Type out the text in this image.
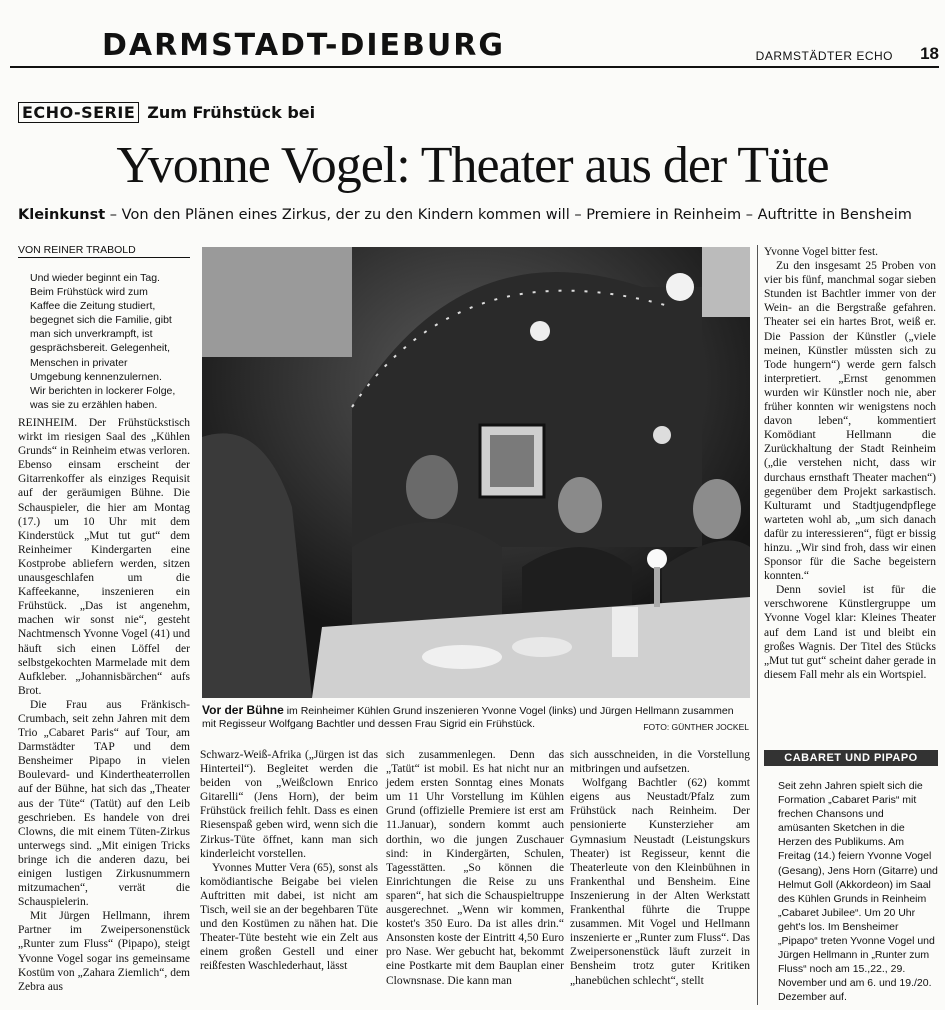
DARMSTADT-DIEBURG	DARMSTÄDTER ECHO 18
ECHO-SERIE Zum Frühstück bei
Yvonne Vogel: Theater aus der Tüte
Kleinkunst – Von den Plänen eines Zirkus, der zu den Kindern kommen will – Premiere in Reinheim – Auftritte in Bensheim
VON REINER TRABOLD
Und wieder beginnt ein Tag. Beim Frühstück wird zum Kaffee die Zeitung studiert, begegnet sich die Familie, gibt man sich unverkrampft, ist gesprächsbereit. Gelegenheit, Menschen in privater Umgebung kennenzulernen. Wir berichten in lockerer Folge, was sie zu erzählen haben.

REINHEIM. Der Frühstückstisch wirkt im riesigen Saal des „Kühlen Grunds“ in Reinheim etwas verloren. Ebenso einsam erscheint der Gitarrenkoffer als einziges Requisit auf der geräumigen Bühne. Die Schauspieler, die hier am Montag (17.) um 10 Uhr mit dem Kinderstück „Mut tut gut“ dem Reinheimer Kindergarten eine Kostprobe abliefern werden, sitzen unausgeschlafen um die Kaffeekanne, inszenieren ein Frühstück. „Das ist angenehm, machen wir sonst nie“, gesteht Nachtmensch Yvonne Vogel (41) und häuft sich einen Löffel der selbstgekochten Marmelade mit dem Aufkleber. „Johannisbärchen“ aufs Brot.

Die Frau aus Fränkisch-Crumbach, seit zehn Jahren mit dem Trio „Cabaret Paris“ auf Tour, am Darmstädter TAP und dem Bensheimer Pipapo in vielen Boulevard- und Kindertheaterrollen auf der Bühne, hat sich das „Theater aus der Tüte“ (Tatüt) auf den Leib geschrieben. Es handele von drei Clowns, die mit einem Tüten-Zirkus unterwegs sind. „Mit einigen Tricks bringe ich die anderen dazu, bei einigen lustigen Zirkusnummern mitzumachen“, verrät die Schauspielerin.

Mit Jürgen Hellmann, ihrem Partner im Zweipersonenstück „Runter zum Fluss“ (Pipapo), steigt Yvonne Vogel sogar ins gemeinsame Kostüm von „Zahara Ziemlich“, dem Zebra aus

Vor der Bühne im Reinheimer Kühlen Grund inszenieren Yvonne Vogel (links) und Jürgen Hellmann zusammen mit Regisseur Wolfgang Bachtler und dessen Frau Sigrid ein Frühstück.	FOTO: GÜNTHER JOCKEL

Schwarz-Weiß-Afrika („Jürgen ist das Hinterteil“). Begleitet werden die beiden von „Weißclown Enrico Gitarelli“ (Jens Horn), der beim Frühstück freilich fehlt. Dass es einen Riesenspaß geben wird, wenn sich die Zirkus-Tüte öffnet, kann man sich kinderleicht vorstellen.

Yvonnes Mutter Vera (65), sonst als komödiantische Beigabe bei vielen Auftritten mit dabei, ist nicht am Tisch, weil sie an der begehbaren Tüte und den Kostümen zu nähen hat. Die Theater-Tüte besteht wie ein Zelt aus einem großen Gestell und einer reißfesten Waschlederhaut, lässt

sich zusammenlegen. Denn das „Tatüt“ ist mobil. Es hat nicht nur an jedem ersten Sonntag eines Monats um 11 Uhr Vorstellung im Kühlen Grund (offizielle Premiere ist erst am 11.Januar), sondern kommt auch dorthin, wo die jungen Zuschauer sind: in Kindergärten, Schulen, Tagesstätten. „So können die Einrichtungen die Reise zu uns sparen“, hat sich die Schauspieltruppe ausgerechnet. „Wenn wir kommen, kostet's 350 Euro. Da ist alles drin.“ Ansonsten koste der Eintritt 4,50 Euro pro Nase. Wer gebucht hat, bekommt eine Postkarte mit dem Bauplan einer Clownsnase. Die kann man

sich ausschneiden, in die Vorstellung mitbringen und aufsetzen.

Wolfgang Bachtler (62) kommt eigens aus Neustadt/Pfalz zum Frühstück nach Reinheim. Der pensionierte Kunsterzieher am Gymnasium Neustadt (Leistungskurs Theater) ist Regisseur, kennt die Theaterleute von den Kleinbühnen in Frankenthal und Bensheim. Eine Inszenierung in der Alten Werkstatt Frankenthal führte die Truppe zusammen. Mit Vogel und Hellmann inszenierte er „Runter zum Fluss“. Das Zweipersonenstück läuft zurzeit in Bensheim trotz guter Kritiken „hanebüchen schlecht“, stellt

Yvonne Vogel bitter fest.

Zu den insgesamt 25 Proben von vier bis fünf, manchmal sogar sieben Stunden ist Bachtler immer von der Wein- an die Bergstraße gefahren. Theater sei ein hartes Brot, weiß er. Die Passion der Künstler („viele meinen, Künstler müssten sich zu Tode hungern“) werde gern falsch interpretiert. „Ernst genommen wurden wir Künstler noch nie, aber früher konnten wir wenigstens noch davon leben“, kommentiert Komödiant Hellmann die Zurückhaltung der Stadt Reinheim („die verstehen nicht, dass wir durchaus ernsthaft Theater machen“) gegenüber dem Projekt sarkastisch. Kulturamt und Stadtjugendpflege warteten wohl ab, „um sich danach dafür zu interessieren“, fügt er bissig hinzu. „Wir sind froh, dass wir einen Sponsor für die Sache begeistern konnten.“

Denn soviel ist für die verschworene Künstlergruppe um Yvonne Vogel klar: Kleines Theater auf dem Land ist und bleibt ein großes Wagnis. Der Titel des Stücks „Mut tut gut“ scheint daher gerade in diesem Fall mehr als ein Wortspiel.

CABARET UND PIPAPO
Seit zehn Jahren spielt sich die Formation „Cabaret Paris“ mit frechen Chansons und amüsanten Sketchen in die Herzen des Publikums. Am Freitag (14.) feiern Yvonne Vogel (Gesang), Jens Horn (Gitarre) und Helmut Goll (Akkordeon) im Saal des Kühlen Grunds in Reinheim „Cabaret Jubilee“. Um 20 Uhr geht's los. Im Bensheimer „Pipapo“ treten Yvonne Vogel und Jürgen Hellmann in „Runter zum Fluss“ noch am 15.,22., 29. November und am 6. und 19./20. Dezember auf.
